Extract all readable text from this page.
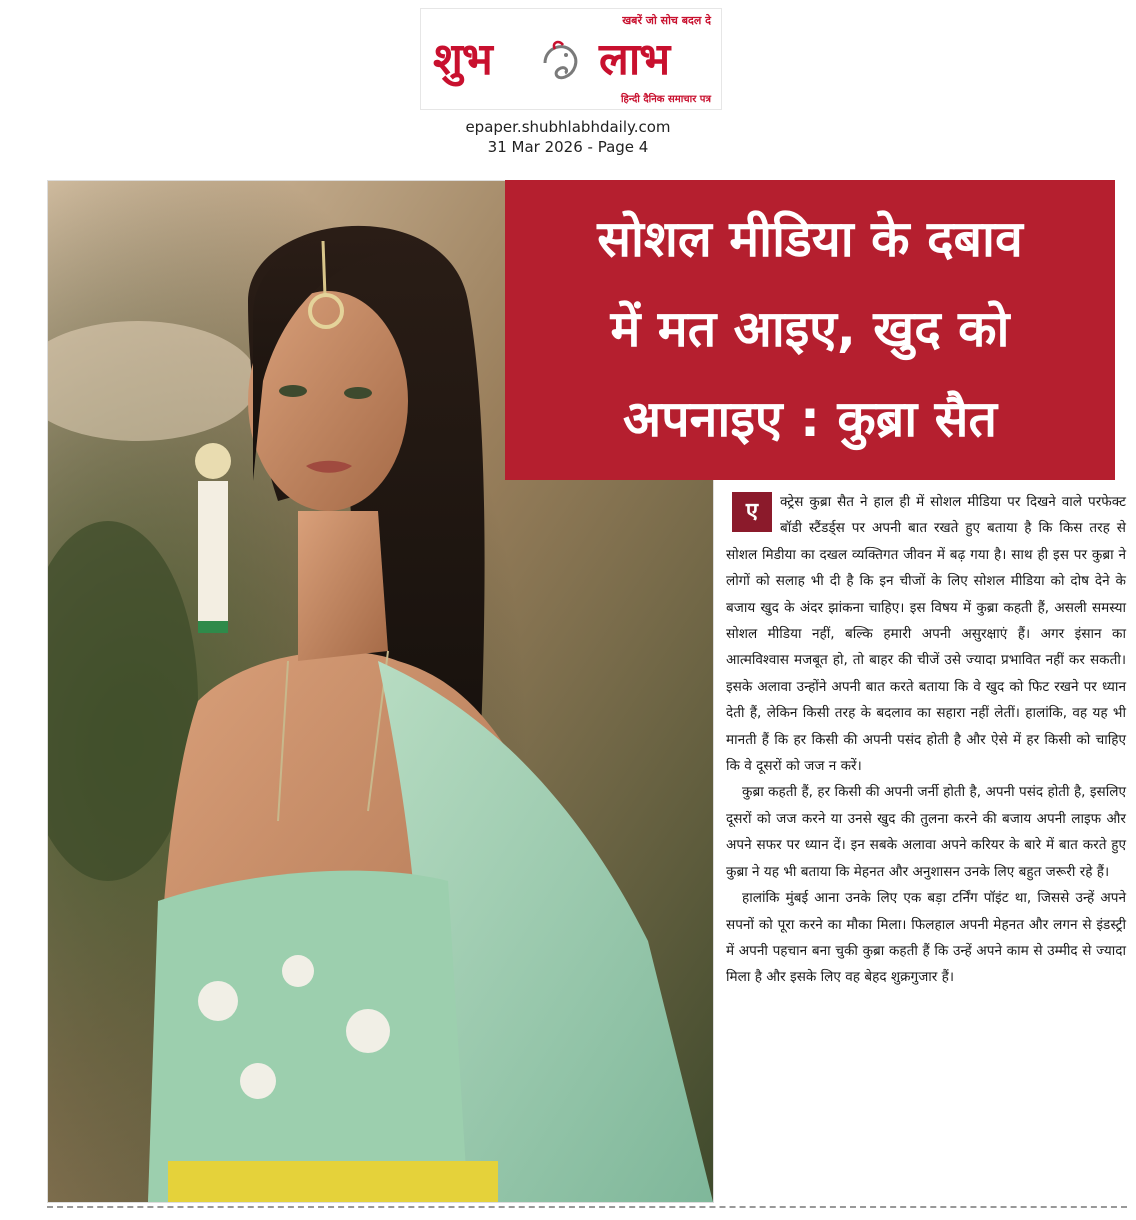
खबरें जो सोच बदल दे
शुभ लाभ
हिन्दी दैनिक समाचार पत्र
epaper.shubhlabhdaily.com
31 Mar 2026 - Page 4
सोशल मीडिया के दबाव
में मत आइए, खुद को
अपनाइए : कुब्रा सैत

ए	क्ट्रेस कुब्रा सैत ने हाल ही में सोशल मीडिया पर दिखने वाले परफेक्ट बॉडी स्टैंडर्ड्स पर अपनी बात रखते हुए बताया है कि किस तरह से सोशल मिडीया का दखल व्यक्तिगत जीवन में बढ़ गया है। साथ ही इस पर कुब्रा ने लोगों को सलाह भी दी है कि इन चीजों के लिए सोशल मीडिया को दोष देने के बजाय खुद के अंदर झांकना चाहिए। इस विषय में कुब्रा कहती हैं, असली समस्या सोशल मीडिया नहीं, बल्कि हमारी अपनी असुरक्षाएं हैं। अगर इंसान का आत्मविश्वास मजबूत हो, तो बाहर की चीजें उसे ज्यादा प्रभावित नहीं कर सकती। इसके अलावा उन्होंने अपनी बात करते बताया कि वे खुद को फिट रखने पर ध्यान देती हैं, लेकिन किसी तरह के बदलाव का सहारा नहीं लेतीं। हालांकि, वह यह भी मानती हैं कि हर किसी की अपनी पसंद होती है और ऐसे में हर किसी को चाहिए कि वे दूसरों को जज न करें।

कुब्रा कहती हैं, हर किसी की अपनी जर्नी होती है, अपनी पसंद होती है, इसलिए दूसरों को जज करने या उनसे खुद की तुलना करने की बजाय अपनी लाइफ और अपने सफर पर ध्यान दें। इन सबके अलावा अपने करियर के बारे में बात करते हुए कुब्रा ने यह भी बताया कि मेहनत और अनुशासन उनके लिए बहुत जरूरी रहे हैं।

हालांकि मुंबई आना उनके लिए एक बड़ा टर्निंग पॉइंट था, जिससे उन्हें अपने सपनों को पूरा करने का मौका मिला। फिलहाल अपनी मेहनत और लगन से इंडस्ट्री में अपनी पहचान बना चुकी कुब्रा कहती हैं कि उन्हें अपने काम से उम्मीद से ज्यादा मिला है और इसके लिए वह बेहद शुक्रगुजार हैं।
